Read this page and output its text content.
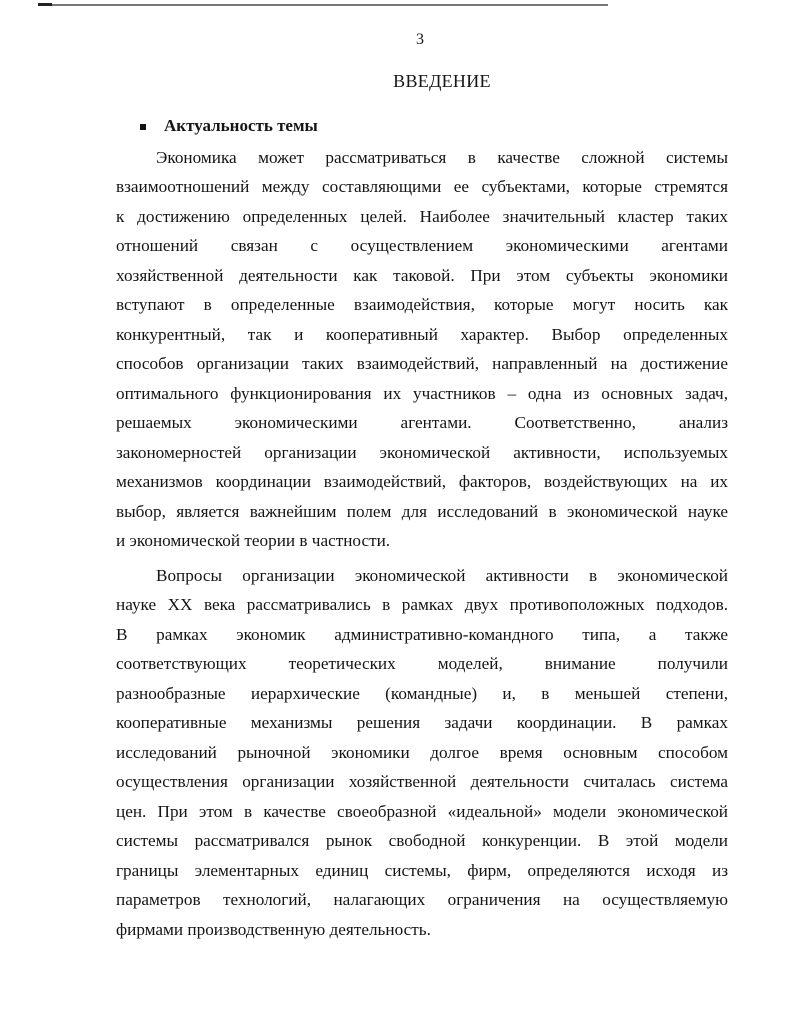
3
ВВЕДЕНИЕ
Актуальность темы
Экономика может рассматриваться в качестве сложной системы
взаимоотношений между составляющими ее субъектами, которые стремятся
к достижению определенных целей. Наиболее значительный кластер таких
отношений связан с осуществлением экономическими агентами
хозяйственной деятельности как таковой. При этом субъекты экономики
вступают в определенные взаимодействия, которые могут носить как
конкурентный, так и кооперативный характер. Выбор определенных
способов организации таких взаимодействий, направленный на достижение
оптимального функционирования их участников – одна из основных задач,
решаемых экономическими агентами. Соответственно, анализ
закономерностей организации экономической активности, используемых
механизмов координации взаимодействий, факторов, воздействующих на их
выбор, является важнейшим полем для исследований в экономической науке
и экономической теории в частности.
Вопросы организации экономической активности в экономической
науке XX века рассматривались в рамках двух противоположных подходов.
В рамках экономик административно-командного типа, а также
соответствующих теоретических моделей, внимание получили
разнообразные иерархические (командные) и, в меньшей степени,
кооперативные механизмы решения задачи координации. В рамках
исследований рыночной экономики долгое время основным способом
осуществления организации хозяйственной деятельности считалась система
цен. При этом в качестве своеобразной «идеальной» модели экономической
системы рассматривался рынок свободной конкуренции. В этой модели
границы элементарных единиц системы, фирм, определяются исходя из
параметров технологий, налагающих ограничения на осуществляемую
фирмами производственную деятельность.
